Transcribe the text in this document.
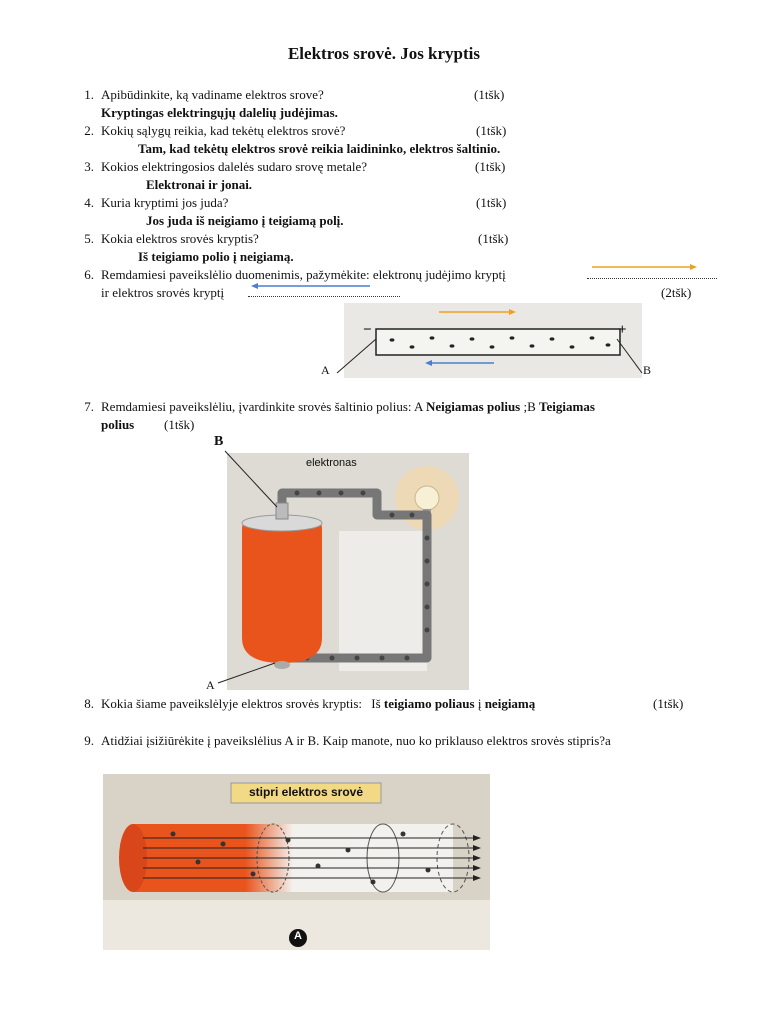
Elektros srovė. Jos kryptis
1. Apibūdinkite, ką vadiname elektros srove?	(1tšk)
Kryptingas elektringųjų dalelių judėjimas.
2. Kokių sąlygų reikia, kad tekėtų elektros srovė?	(1tšk)
Tam, kad tekėtų elektros srovė reikia laidininko, elektros šaltinio.
3. Kokios elektringosios dalelės sudaro srovę metale?	(1tšk)
Elektronai ir jonai.
4. Kuria kryptimi jos juda?	(1tšk)
Jos juda iš neigiamo į teigiamą polį.
5. Kokia elektros srovės kryptis?	(1tšk)
Iš teigiamo polio į neigiamą.
6. Remdamiesi paveikslėlio duomenimis, pažymėkite: elektronų judėjimo kryptį
ir elektros srovės kryptį	(2tšk)
−	+
A	B
7. Remdamiesi paveikslėliu, įvardinkite srovės šaltinio polius: A Neigiamas polius ;B Teigiamas
polius (1tšk)
B
elektronas
A
8. Kokia šiame paveikslėlyje elektros srovės kryptis: Iš teigiamo poliaus į neigiamą	(1tšk)
9. Atidžiai įsižiūrėkite į paveikslėlius A ir B. Kaip manote, nuo ko priklauso elektros srovės stipris?a
stipri elektros srovė
A
